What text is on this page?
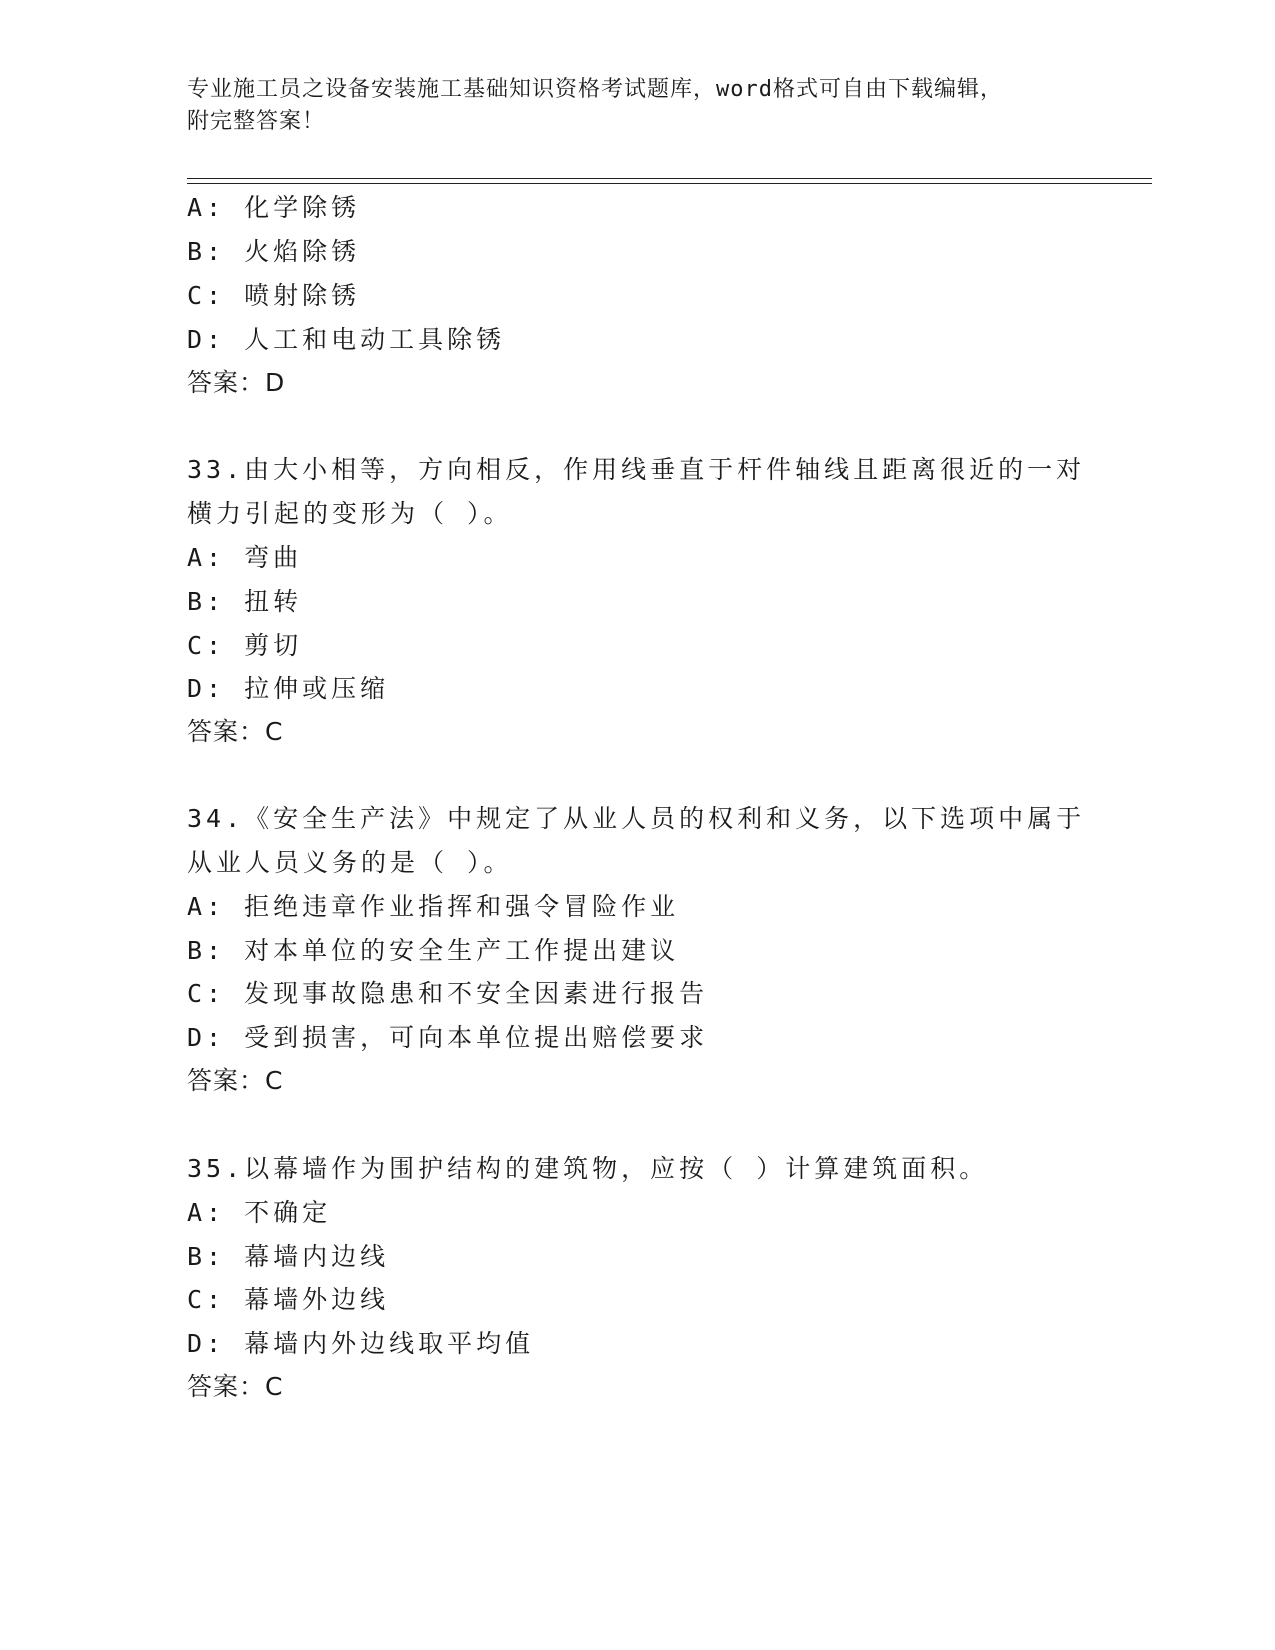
专业施工员之设备安装施工基础知识资格考试题库，word格式可自由下载编辑，
附完整答案！
A: 化学除锈
B: 火焰除锈
C: 喷射除锈
D: 人工和电动工具除锈
答案：D
33.由大小相等，方向相反，作用线垂直于杆件轴线且距离很近的一对
横力引起的变形为（ ）。
A: 弯曲
B: 扭转
C: 剪切
D: 拉伸或压缩
答案：C
34.《安全生产法》中规定了从业人员的权利和义务，以下选项中属于
从业人员义务的是（ ）。
A: 拒绝违章作业指挥和强令冒险作业
B: 对本单位的安全生产工作提出建议
C: 发现事故隐患和不安全因素进行报告
D: 受到损害，可向本单位提出赔偿要求
答案：C
35.以幕墙作为围护结构的建筑物，应按（ ）计算建筑面积。
A: 不确定
B: 幕墙内边线
C: 幕墙外边线
D: 幕墙内外边线取平均值
答案：C
